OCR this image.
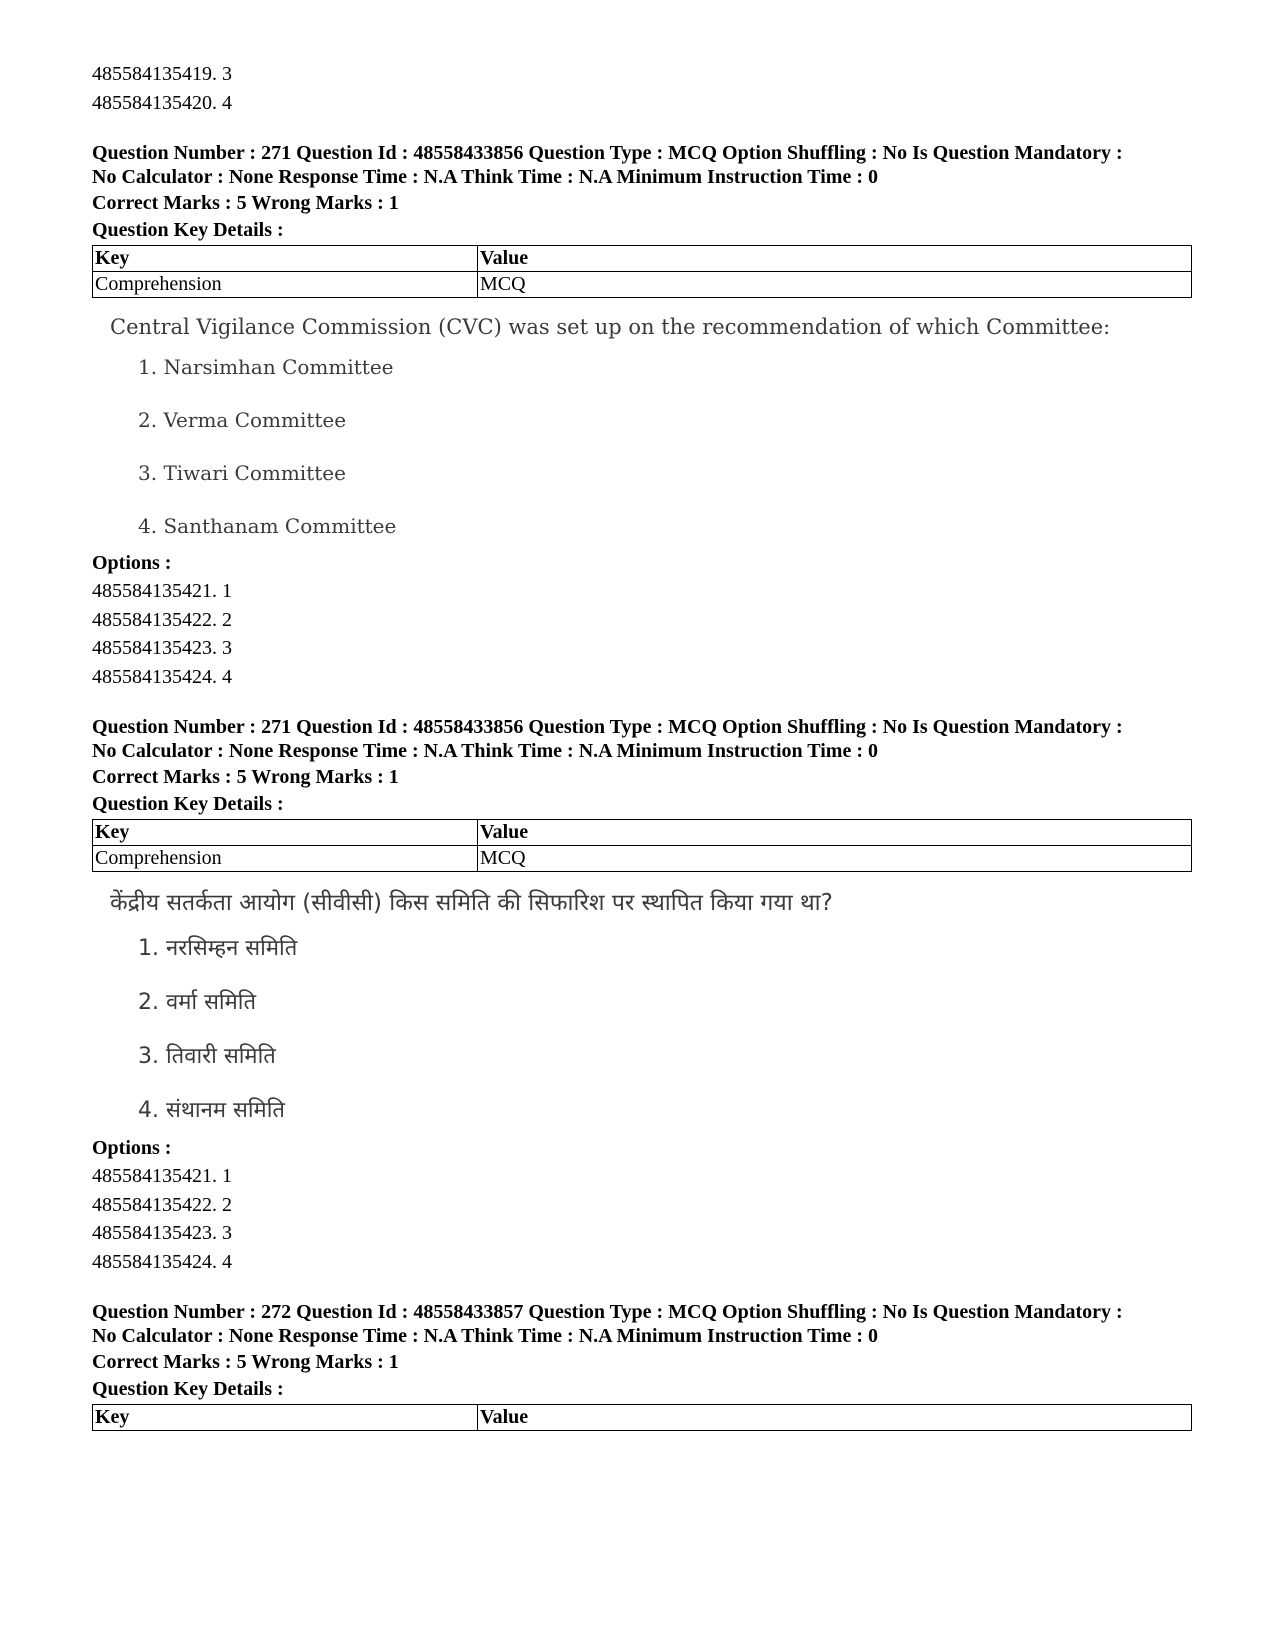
485584135419. 3
485584135420. 4
Question Number : 271 Question Id : 48558433856 Question Type : MCQ Option Shuffling : No Is Question Mandatory :
No Calculator : None Response Time : N.A Think Time : N.A Minimum Instruction Time : 0
Correct Marks : 5 Wrong Marks : 1
Question Key Details :
Key	Value
Comprehension	MCQ
Central Vigilance Commission (CVC) was set up on the recommendation of which Committee:
1. Narsimhan Committee
2. Verma Committee
3. Tiwari Committee
4. Santhanam Committee
Options :
485584135421. 1
485584135422. 2
485584135423. 3
485584135424. 4
Question Number : 271 Question Id : 48558433856 Question Type : MCQ Option Shuffling : No Is Question Mandatory :
No Calculator : None Response Time : N.A Think Time : N.A Minimum Instruction Time : 0
Correct Marks : 5 Wrong Marks : 1
Question Key Details :
Key	Value
Comprehension	MCQ
केंद्रीय सतर्कता आयोग (सीवीसी) किस समिति की सिफारिश पर स्थापित किया गया था?
1. नरसिम्हन समिति
2. वर्मा समिति
3. तिवारी समिति
4. संथानम समिति
Options :
485584135421. 1
485584135422. 2
485584135423. 3
485584135424. 4
Question Number : 272 Question Id : 48558433857 Question Type : MCQ Option Shuffling : No Is Question Mandatory :
No Calculator : None Response Time : N.A Think Time : N.A Minimum Instruction Time : 0
Correct Marks : 5 Wrong Marks : 1
Question Key Details :
Key	Value
